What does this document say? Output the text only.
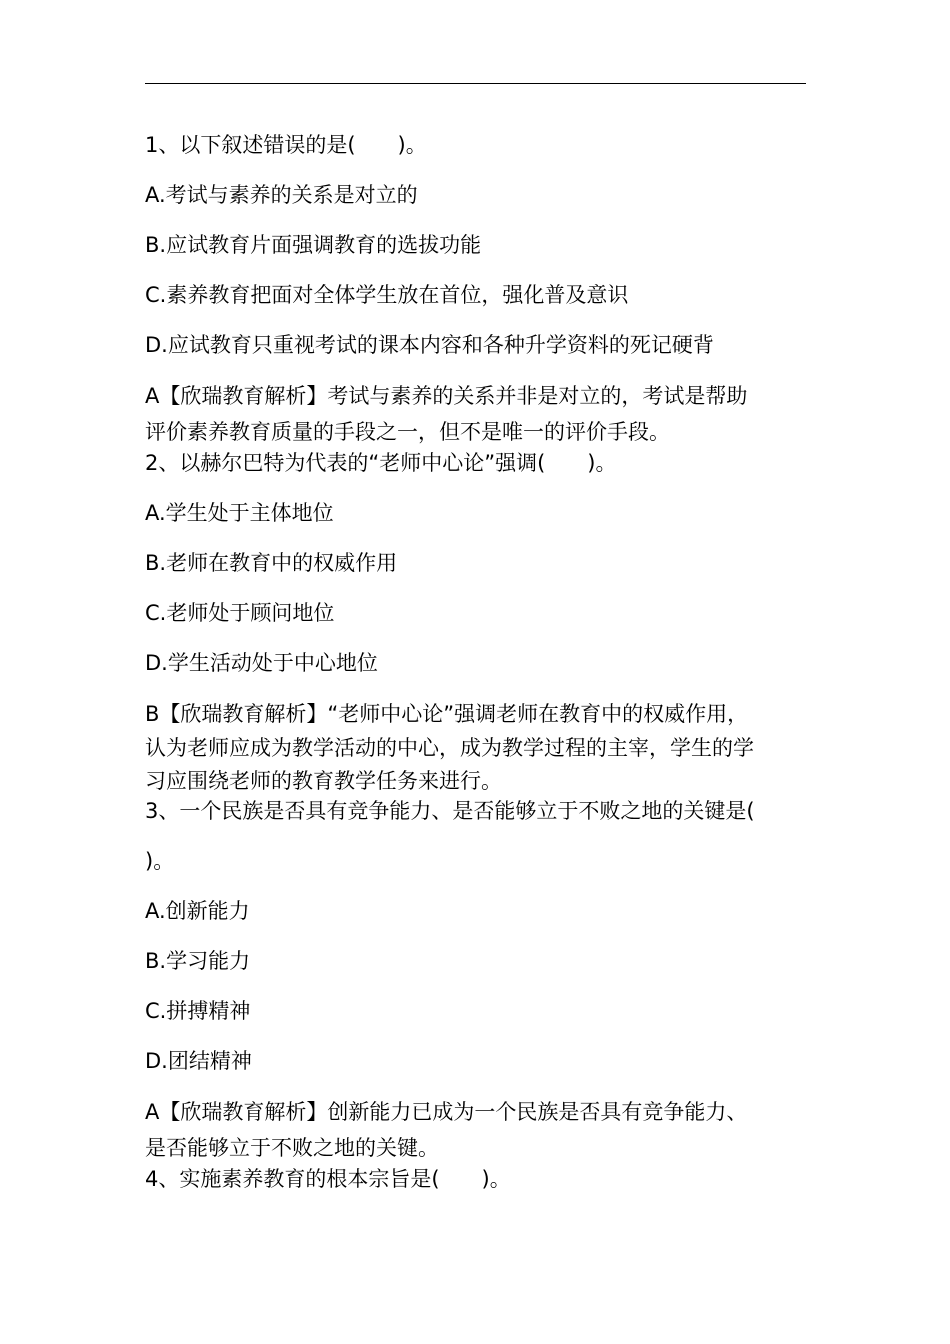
1、以下叙述错误的是(　　)。
A.考试与素养的关系是对立的
B.应试教育片面强调教育的选拔功能
C.素养教育把面对全体学生放在首位，强化普及意识
D.应试教育只重视考试的课本内容和各种升学资料的死记硬背
A【欣瑞教育解析】考试与素养的关系并非是对立的，考试是帮助
评价素养教育质量的手段之一，但不是唯一的评价手段。
2、以赫尔巴特为代表的“老师中心论”强调(　　)。
A.学生处于主体地位
B.老师在教育中的权威作用
C.老师处于顾问地位
D.学生活动处于中心地位
B【欣瑞教育解析】“老师中心论”强调老师在教育中的权威作用，
认为老师应成为教学活动的中心，成为教学过程的主宰，学生的学
习应围绕老师的教育教学任务来进行。
3、一个民族是否具有竞争能力、是否能够立于不败之地的关键是(
)。
A.创新能力
B.学习能力
C.拼搏精神
D.团结精神
A【欣瑞教育解析】创新能力已成为一个民族是否具有竞争能力、
是否能够立于不败之地的关键。
4、实施素养教育的根本宗旨是(　　)。
